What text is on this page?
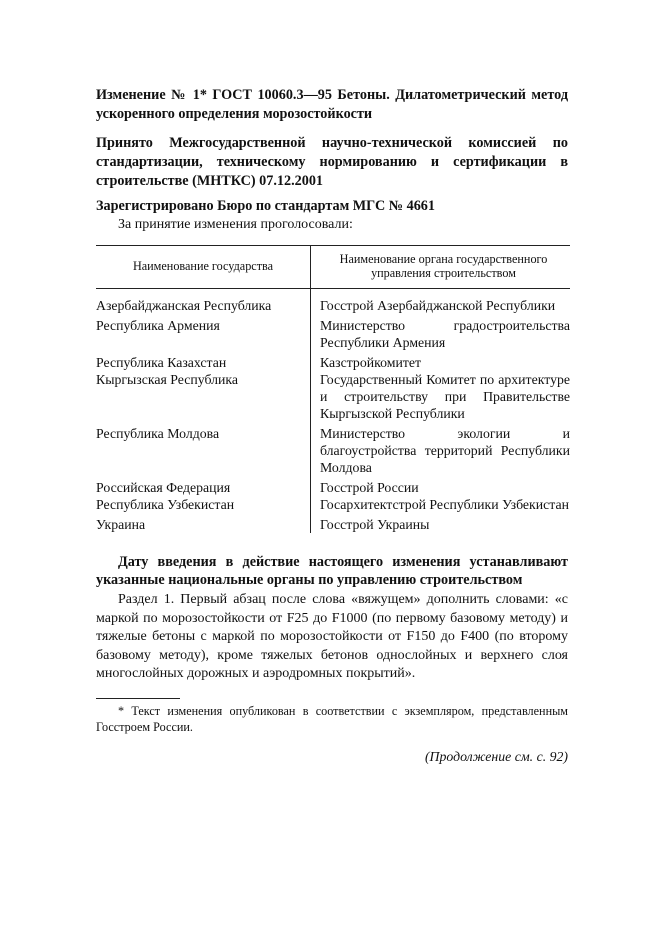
Изменение № 1* ГОСТ 10060.3—95 Бетоны. Дилатометрический метод ускоренного определения морозостойкости

Принято Межгосударственной научно-технической комиссией по стандартизации, техническому нормированию и сертификации в строительстве (МНТКС) 07.12.2001

Зарегистрировано Бюро по стандартам МГС № 4661

За принятие изменения проголосовали:

Наименование государства	Наименование органа государственного управления строительством
Азербайджанская Республика	Госстрой Азербайджанской Республики
Республика Армения	Министерство градостроительства Республики Армения
Республика Казахстан	Казстройкомитет
Кыргызская Республика	Государственный Комитет по архитектуре и строительству при Правительстве Кыргызской Республики
Республика Молдова	Министерство экологии и благоустройства территорий Республики Молдова
Российская Федерация	Госстрой России
Республика Узбекистан	Госархитектстрой Республики Узбекистан
Украина	Госстрой Украины

Дату введения в действие настоящего изменения устанавливают указанные национальные органы по управлению строительством

Раздел 1. Первый абзац после слова «вяжущем» дополнить словами: «с маркой по морозостойкости от F25 до F1000 (по первому базовому методу) и тяжелые бетоны с маркой по морозостойкости от F150 до F400 (по второму базовому методу), кроме тяжелых бетонов однослойных и верхнего слоя многослойных дорожных и аэродромных покрытий».

* Текст изменения опубликован в соответствии с экземпляром, представленным Госстроем России.

(Продолжение см. с. 92)
